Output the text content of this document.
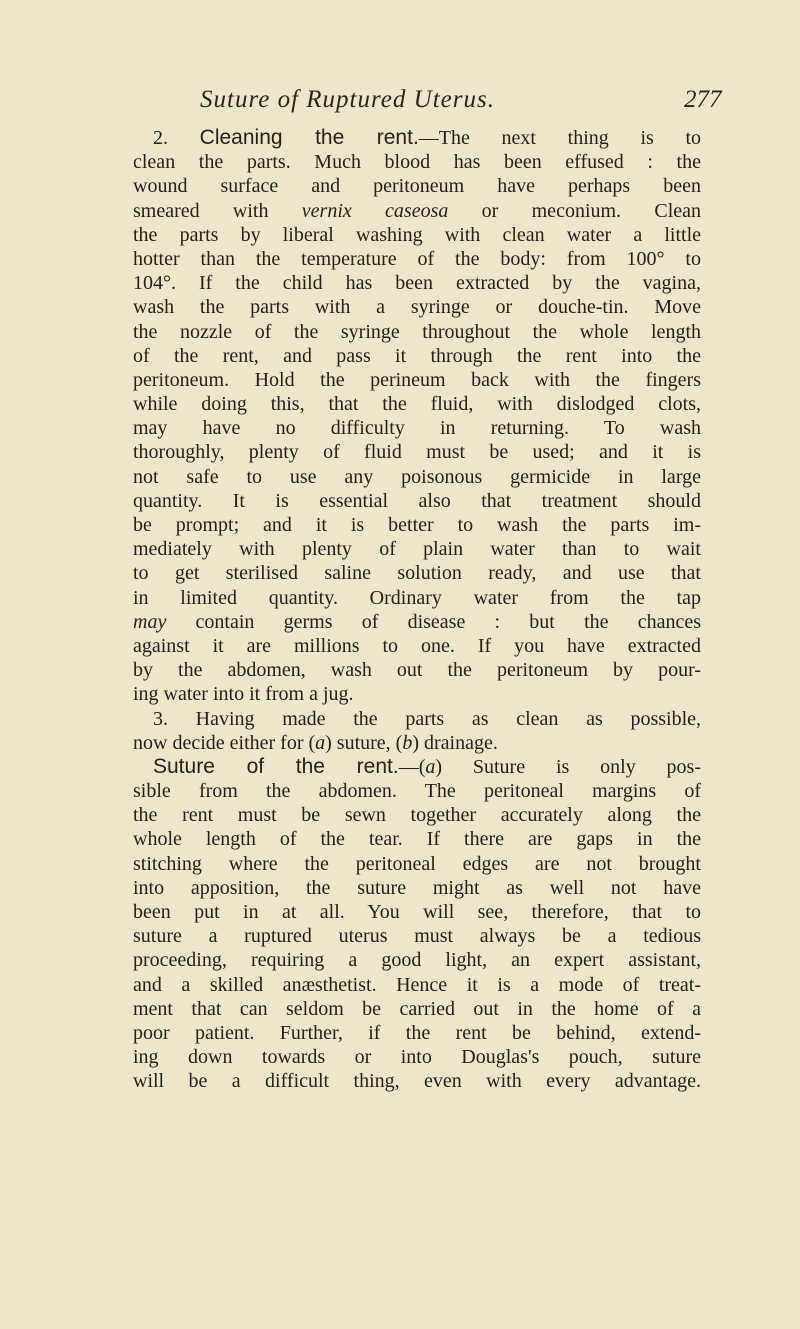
Suture of Ruptured Uterus.	277
2. Cleaning the rent.—The next thing is to
clean the parts. Much blood has been effused : the
wound surface and peritoneum have perhaps been
smeared with vernix caseosa or meconium. Clean
the parts by liberal washing with clean water a little
hotter than the temperature of the body: from 100° to
104°. If the child has been extracted by the vagina,
wash the parts with a syringe or douche-tin. Move
the nozzle of the syringe throughout the whole length
of the rent, and pass it through the rent into the
peritoneum. Hold the perineum back with the fingers
while doing this, that the fluid, with dislodged clots,
may have no difficulty in returning. To wash
thoroughly, plenty of fluid must be used; and it is
not safe to use any poisonous germicide in large
quantity. It is essential also that treatment should
be prompt; and it is better to wash the parts im-
mediately with plenty of plain water than to wait
to get sterilised saline solution ready, and use that
in limited quantity. Ordinary water from the tap
may contain germs of disease : but the chances
against it are millions to one. If you have extracted
by the abdomen, wash out the peritoneum by pour-
ing water into it from a jug.
3. Having made the parts as clean as possible,
now decide either for (a) suture, (b) drainage.
Suture of the rent.—(a) Suture is only pos-
sible from the abdomen. The peritoneal margins of
the rent must be sewn together accurately along the
whole length of the tear. If there are gaps in the
stitching where the peritoneal edges are not brought
into apposition, the suture might as well not have
been put in at all. You will see, therefore, that to
suture a ruptured uterus must always be a tedious
proceeding, requiring a good light, an expert assistant,
and a skilled anæsthetist. Hence it is a mode of treat-
ment that can seldom be carried out in the home of a
poor patient. Further, if the rent be behind, extend-
ing down towards or into Douglas's pouch, suture
will be a difficult thing, even with every advantage.
